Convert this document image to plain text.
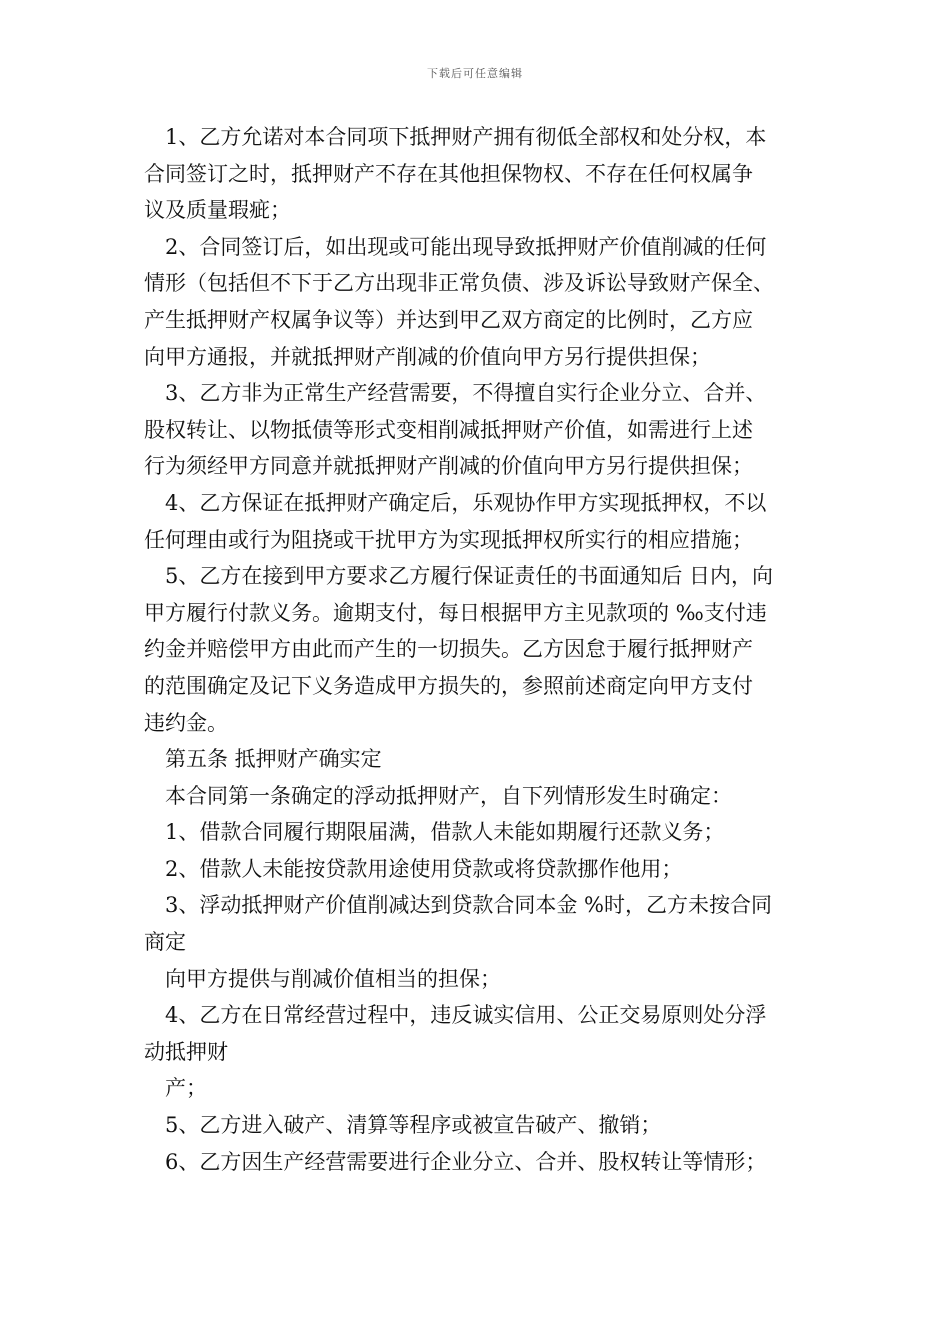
下载后可任意编辑
1、乙方允诺对本合同项下抵押财产拥有彻低全部权和处分权，本
合同签订之时，抵押财产不存在其他担保物权、不存在任何权属争
议及质量瑕疵；
2、合同签订后，如出现或可能出现导致抵押财产价值削减的任何
情形（包括但不下于乙方出现非正常负债、涉及诉讼导致财产保全、
产生抵押财产权属争议等）并达到甲乙双方商定的比例时，乙方应
向甲方通报，并就抵押财产削减的价值向甲方另行提供担保；
3、乙方非为正常生产经营需要，不得擅自实行企业分立、合并、
股权转让、以物抵债等形式变相削减抵押财产价值，如需进行上述
行为须经甲方同意并就抵押财产削减的价值向甲方另行提供担保；
4、乙方保证在抵押财产确定后，乐观协作甲方实现抵押权，不以
任何理由或行为阻挠或干扰甲方为实现抵押权所实行的相应措施；
5、乙方在接到甲方要求乙方履行保证责任的书面通知后 日内，向
甲方履行付款义务。逾期支付，每日根据甲方主见款项的 ‰支付违
约金并赔偿甲方由此而产生的一切损失。乙方因怠于履行抵押财产
的范围确定及记下义务造成甲方损失的，参照前述商定向甲方支付
违约金。
第五条 抵押财产确实定
本合同第一条确定的浮动抵押财产，自下列情形发生时确定：
1、借款合同履行期限届满，借款人未能如期履行还款义务；
2、借款人未能按贷款用途使用贷款或将贷款挪作他用；
3、浮动抵押财产价值削减达到贷款合同本金 %时，乙方未按合同
商定
向甲方提供与削减价值相当的担保；
4、乙方在日常经营过程中，违反诚实信用、公正交易原则处分浮
动抵押财
产；
5、乙方进入破产、清算等程序或被宣告破产、撤销；
6、乙方因生产经营需要进行企业分立、合并、股权转让等情形；
